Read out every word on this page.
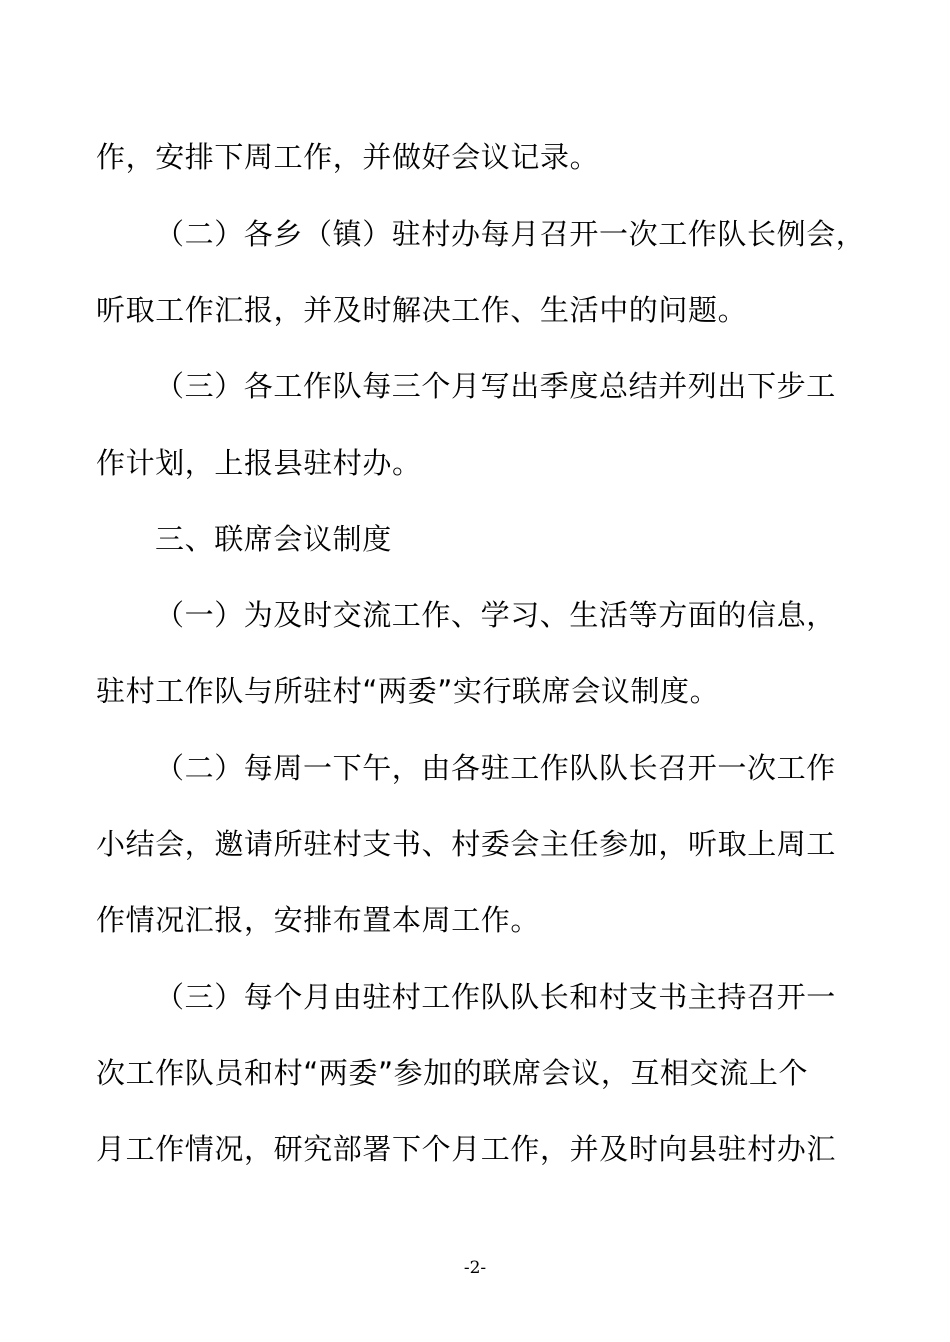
作，安排下周工作，并做好会议记录。
（二）各乡（镇）驻村办每月召开一次工作队长例会，
听取工作汇报，并及时解决工作、生活中的问题。
（三）各工作队每三个月写出季度总结并列出下步工
作计划，上报县驻村办。
三、联席会议制度
（一）为及时交流工作、学习、生活等方面的信息，
驻村工作队与所驻村“两委”实行联席会议制度。
（二）每周一下午，由各驻工作队队长召开一次工作
小结会，邀请所驻村支书、村委会主任参加，听取上周工
作情况汇报，安排布置本周工作。
（三）每个月由驻村工作队队长和村支书主持召开一
次工作队员和村“两委”参加的联席会议，互相交流上个
月工作情况，研究部署下个月工作，并及时向县驻村办汇
-2-
